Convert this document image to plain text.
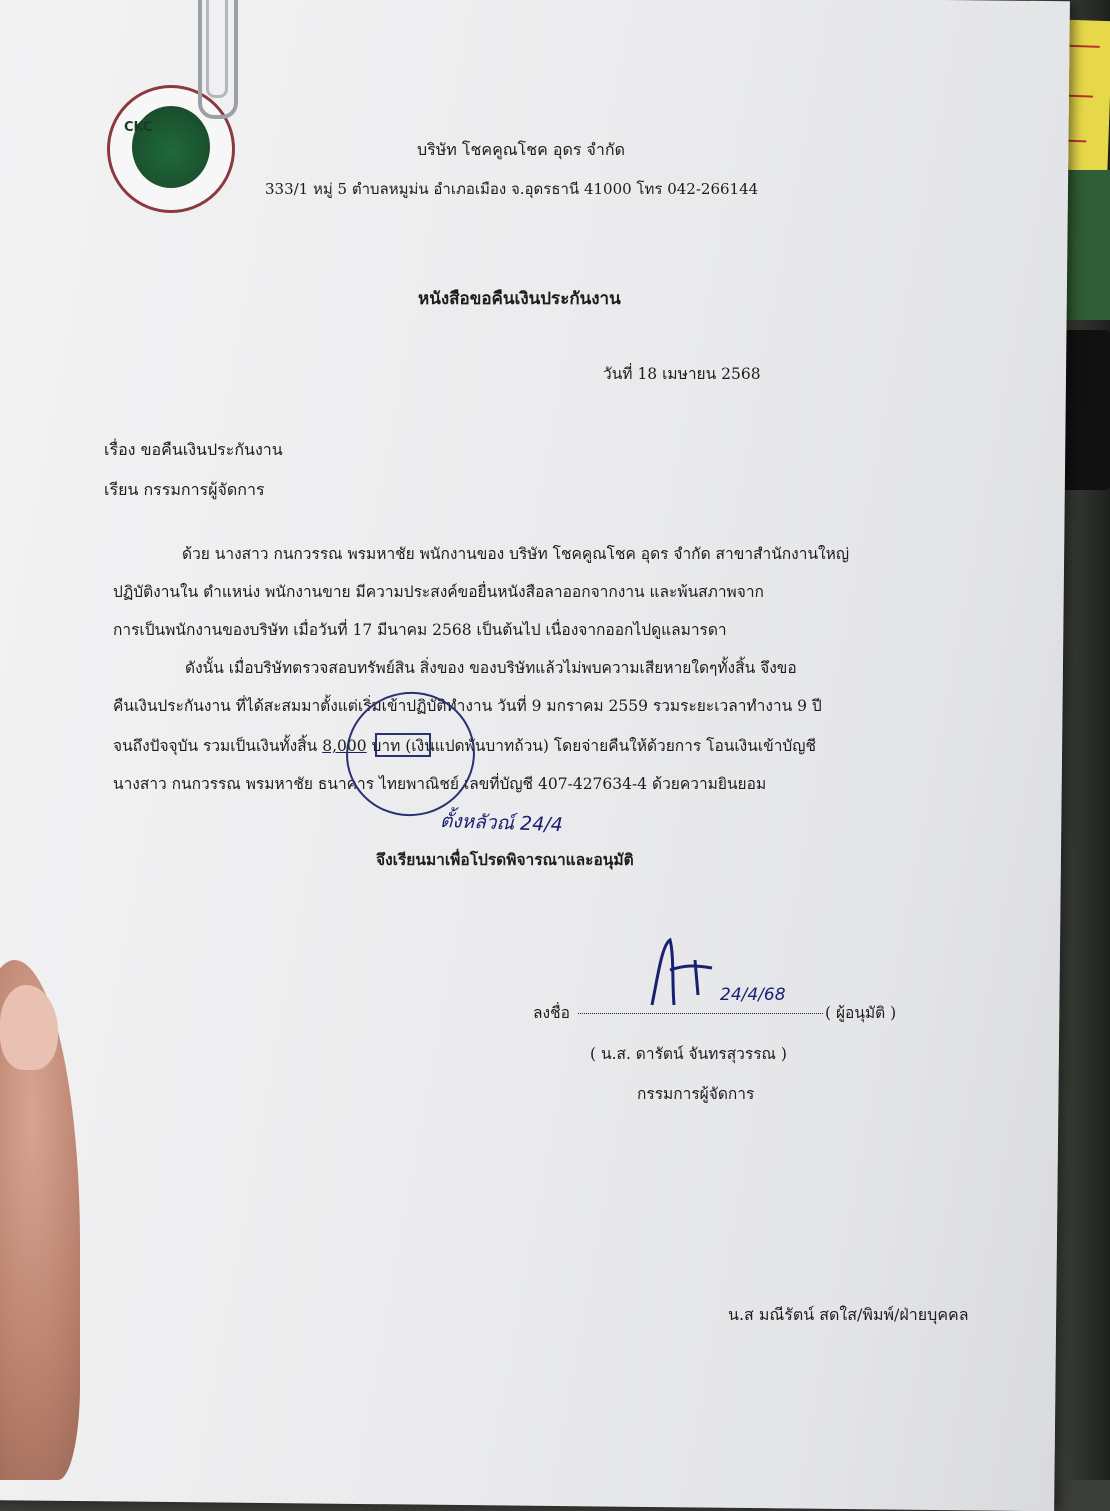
CKC
บริษัท โชคคูณโชค อุดร จำกัด
333/1 หมู่ 5 ตำบลหมูม่น อำเภอเมือง จ.อุดรธานี 41000 โทร 042-266144
หนังสือขอคืนเงินประกันงาน
วันที่ 18 เมษายน 2568
เรื่อง ขอคืนเงินประกันงาน
เรียน กรรมการผู้จัดการ
ด้วย นางสาว กนกวรรณ พรมหาชัย พนักงานของ บริษัท โชคคูณโชค อุดร จำกัด สาขาสำนักงานใหญ่
ปฏิบัติงานใน ตำแหน่ง พนักงานขาย มีความประสงค์ขอยื่นหนังสือลาออกจากงาน และพ้นสภาพจาก
การเป็นพนักงานของบริษัท เมื่อวันที่ 17 มีนาคม 2568 เป็นต้นไป เนื่องจากออกไปดูแลมารดา
ดังนั้น เมื่อบริษัทตรวจสอบทรัพย์สิน สิ่งของ ของบริษัทแล้วไม่พบความเสียหายใดๆทั้งสิ้น จึงขอ
คืนเงินประกันงาน ที่ได้สะสมมาตั้งแต่เริ่มเข้าปฏิบัติทำงาน วันที่ 9 มกราคม 2559 รวมระยะเวลาทำงาน 9 ปี
จนถึงปัจจุบัน รวมเป็นเงินทั้งสิ้น 8,000 บาท (เงินแปดพันบาทถ้วน) โดยจ่ายคืนให้ด้วยการ โอนเงินเข้าบัญชี
นางสาว กนกวรรณ พรมหาชัย ธนาคาร ไทยพาณิชย์ เลขที่บัญชี 407-427634-4 ด้วยความยินยอม
ตั้งหลัวณ์ 24/4
จึงเรียนมาเพื่อโปรดพิจารณาและอนุมัติ
ลงชื่อ
24/4/68
( ผู้อนุมัติ )
( น.ส. ดารัตน์ จันทรสุวรรณ )
กรรมการผู้จัดการ
น.ส มณีรัตน์ สดใส/พิมพ์/ฝ่ายบุคคล
